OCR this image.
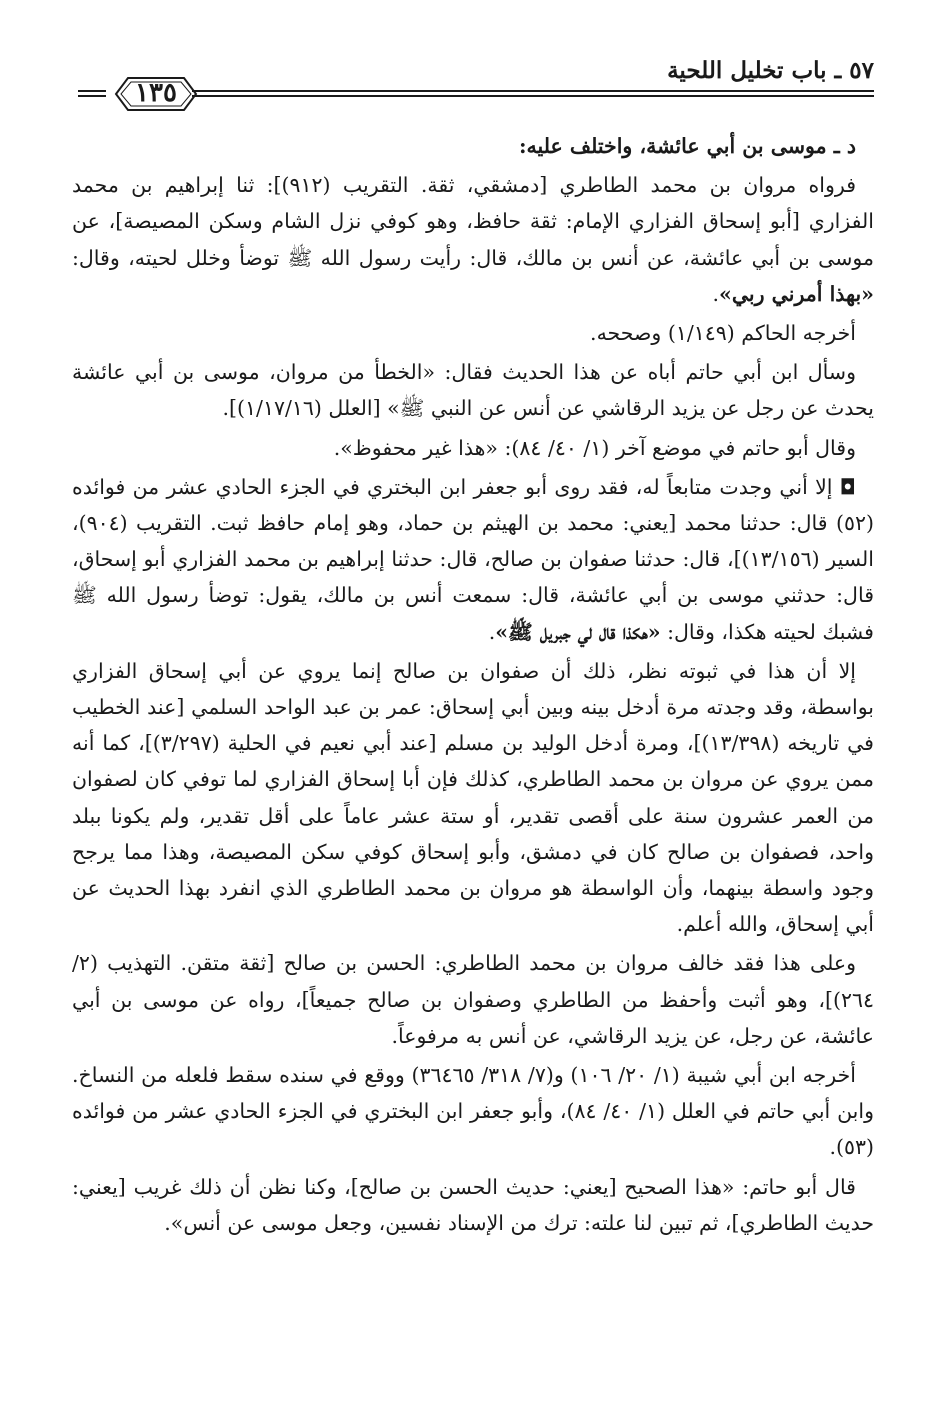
٥٧ ـ باب تخليل اللحية
١٣٥

د ـ موسى بن أبي عائشة، واختلف عليه:

فرواه مروان بن محمد الطاطري [دمشقي، ثقة. التقريب (٩١٢)]: ثنا إبراهيم بن محمد الفزاري [أبو إسحاق الفزاري الإمام: ثقة حافظ، وهو كوفي نزل الشام وسكن المصيصة]، عن موسى بن أبي عائشة، عن أنس بن مالك، قال: رأيت رسول الله ﷺ توضأ وخلل لحيته، وقال: «بهذا أمرني ربي».

أخرجه الحاكم (١/١٤٩) وصححه.

وسأل ابن أبي حاتم أباه عن هذا الحديث فقال: «الخطأ من مروان، موسى بن أبي عائشة يحدث عن رجل عن يزيد الرقاشي عن أنس عن النبي ﷺ» [العلل (١/١٧/١٦)].

وقال أبو حاتم في موضع آخر (١/ ٤٠/ ٨٤): «هذا غير محفوظ».

◘ إلا أني وجدت متابعاً له، فقد روى أبو جعفر ابن البختري في الجزء الحادي عشر من فوائده (٥٢) قال: حدثنا محمد [يعني: محمد بن الهيثم بن حماد، وهو إمام حافظ ثبت. التقريب (٩٠٤)، السير (١٣/١٥٦)]، قال: حدثنا صفوان بن صالح، قال: حدثنا إبراهيم بن محمد الفزاري أبو إسحاق، قال: حدثني موسى بن أبي عائشة، قال: سمعت أنس بن مالك، يقول: توضأ رسول الله ﷺ فشبك لحيته هكذا، وقال: «هكذا قال لي جبريل ﷺ».

إلا أن هذا في ثبوته نظر، ذلك أن صفوان بن صالح إنما يروي عن أبي إسحاق الفزاري بواسطة، وقد وجدته مرة أدخل بينه وبين أبي إسحاق: عمر بن عبد الواحد السلمي [عند الخطيب في تاريخه (١٣/٣٩٨)]، ومرة أدخل الوليد بن مسلم [عند أبي نعيم في الحلية (٣/٢٩٧)]، كما أنه ممن يروي عن مروان بن محمد الطاطري، كذلك فإن أبا إسحاق الفزاري لما توفي كان لصفوان من العمر عشرون سنة على أقصى تقدير، أو ستة عشر عاماً على أقل تقدير، ولم يكونا ببلد واحد، فصفوان بن صالح كان في دمشق، وأبو إسحاق كوفي سكن المصيصة، وهذا مما يرجح وجود واسطة بينهما، وأن الواسطة هو مروان بن محمد الطاطري الذي انفرد بهذا الحديث عن أبي إسحاق، والله أعلم.

وعلى هذا فقد خالف مروان بن محمد الطاطري: الحسن بن صالح [ثقة متقن. التهذيب (٢/ ٢٦٤)]، وهو أثبت وأحفظ من الطاطري وصفوان بن صالح جميعاً]، رواه عن موسى بن أبي عائشة، عن رجل، عن يزيد الرقاشي، عن أنس به مرفوعاً.

أخرجه ابن أبي شيبة (١/ ٢٠/ ١٠٦) و(٧/ ٣١٨/ ٣٦٤٦٥) ووقع في سنده سقط فلعله من النساخ. وابن أبي حاتم في العلل (١/ ٤٠/ ٨٤)، وأبو جعفر ابن البختري في الجزء الحادي عشر من فوائده (٥٣).

قال أبو حاتم: «هذا الصحيح [يعني: حديث الحسن بن صالح]، وكنا نظن أن ذلك غريب [يعني: حديث الطاطري]، ثم تبين لنا علته: ترك من الإسناد نفسين، وجعل موسى عن أنس».
